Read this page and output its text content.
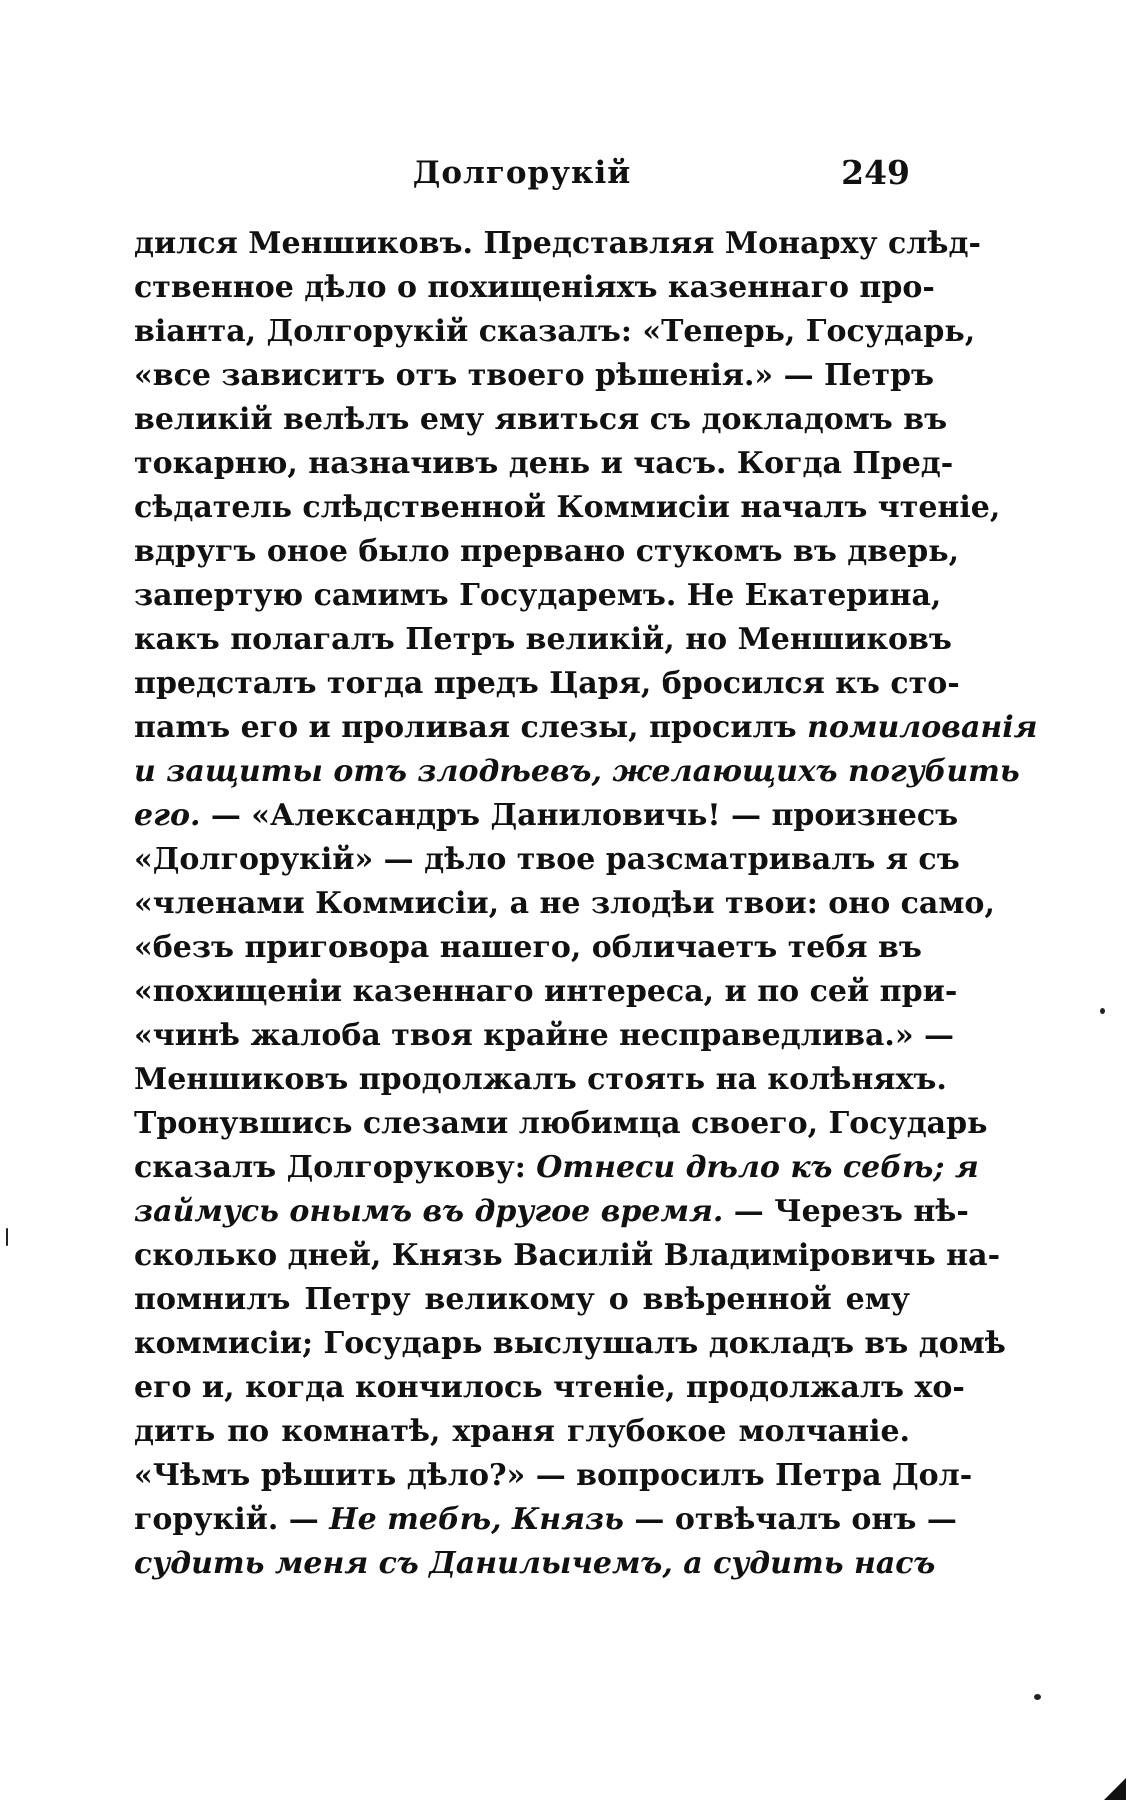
Долгорукій	249
дился Меншиковъ. Представляя Монарху слѣд-
ственное дѣло о похищеніяхъ казеннаго про-
віанта, Долгорукій сказалъ: «Теперь, Государь,
«все зависитъ отъ твоего рѣшенія.» — Петръ
великій велѣлъ ему явиться съ докладомъ въ
токарню, назначивъ день и часъ. Когда Пред-
сѣдатель слѣдственной Коммисіи началъ чтеніе,
вдругъ оное было прервано стукомъ въ дверь,
запертую самимъ Государемъ. Не Екатерина,
какъ полагалъ Петръ великій, но Меншиковъ
предсталъ тогда предъ Царя, бросился къ сто-
пamъ его и проливая слезы, просилъ помилованія
и защиты отъ злодѣевъ, желающихъ погубить
его. — «Александръ Даниловичь! — произнесъ
«Долгорукій» — дѣло твое разсматривалъ я съ
«членами Коммисіи, а не злодѣи твои: оно само,
«безъ приговора нашего, обличаетъ тебя въ
«похищеніи казеннаго интереса, и по сей при-
«чинѣ жалоба твоя крайне несправедлива.» —
Меншиковъ продолжалъ стоять на колѣняхъ.
Тронувшись слезами любимца своего, Государь
сказалъ Долгорукову: Отнеси дѣло къ себѣ; я
займусь онымъ въ другое время. — Черезъ нѣ-
сколько дней, Князь Василій Владиміровичь на-
помнилъ Петру великому о ввѣренной ему
коммисіи; Государь выслушалъ докладъ въ домѣ
его и, когда кончилось чтеніе, продолжалъ хо-
дить по комнатѣ, храня глубокое молчаніе.
«Чѣмъ рѣшить дѣло?» — вопросилъ Петра Дол-
горукій. — Не тебѣ, Князь — отвѣчалъ онъ —
судить меня съ Данилычемъ, а судить насъ
